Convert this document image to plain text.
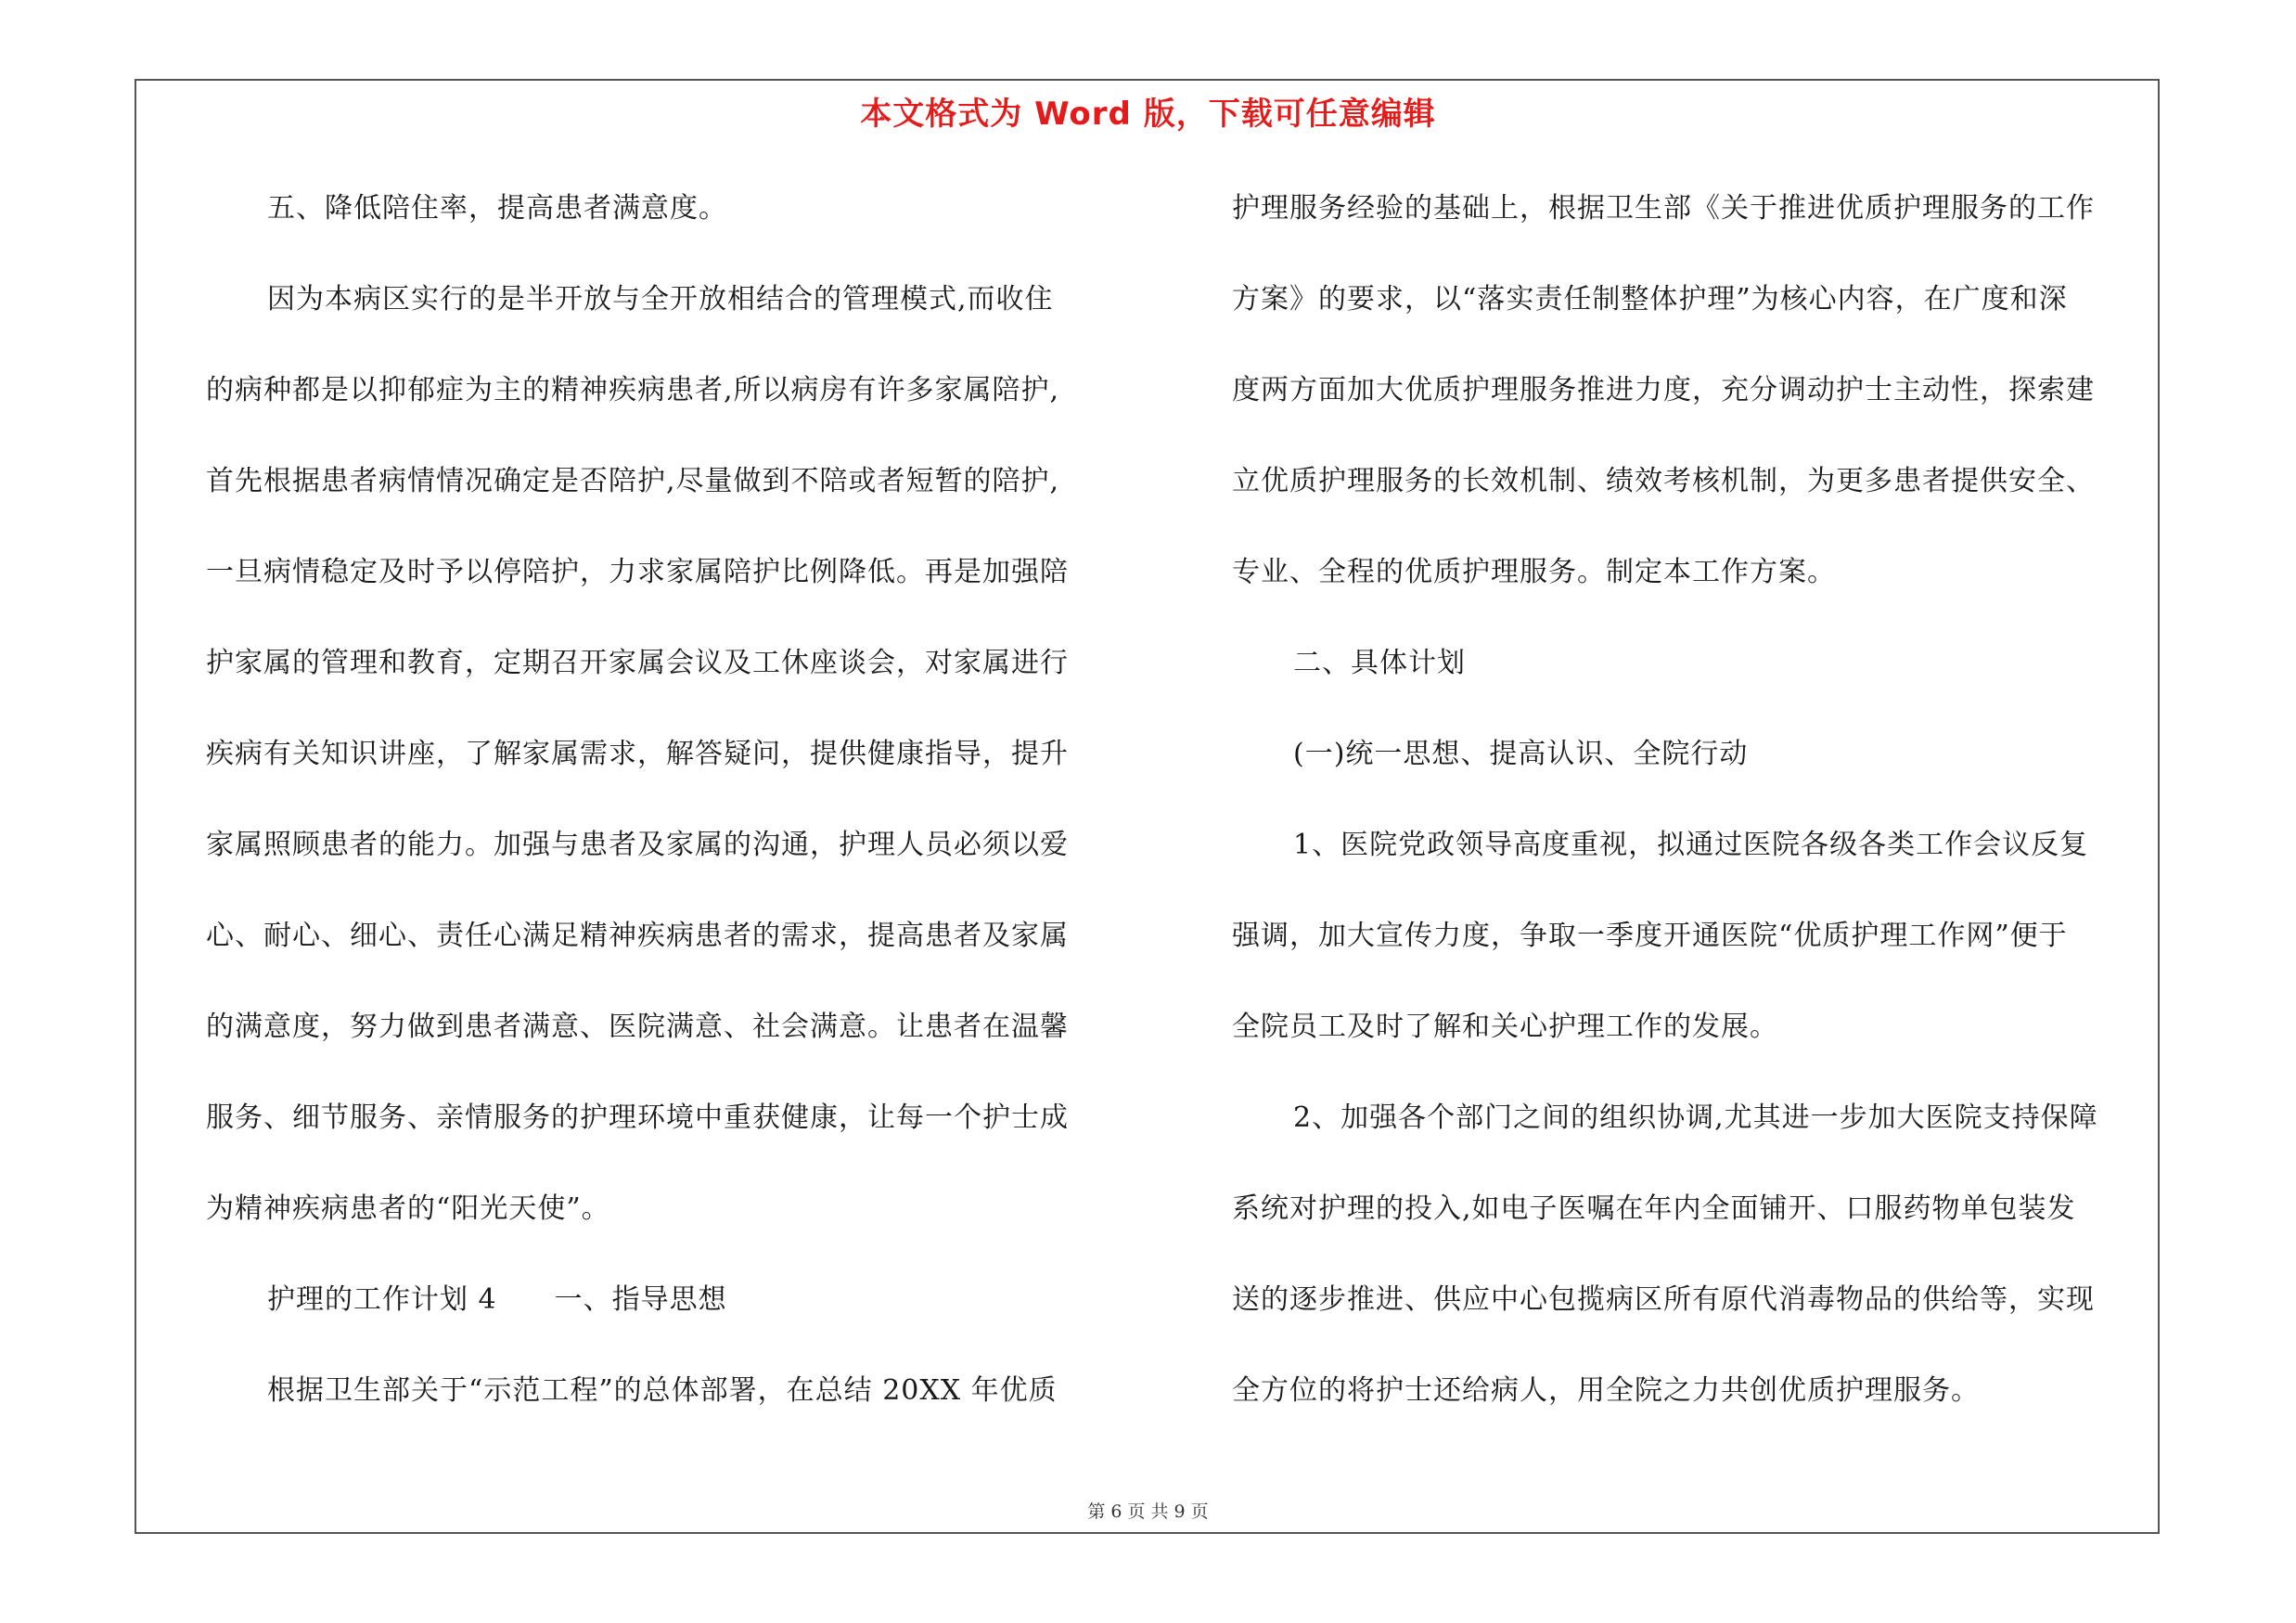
本文格式为 Word 版，下载可任意编辑
五、降低陪住率，提高患者满意度。
因为本病区实行的是半开放与全开放相结合的管理模式,而收住
的病种都是以抑郁症为主的精神疾病患者,所以病房有许多家属陪护,
首先根据患者病情情况确定是否陪护,尽量做到不陪或者短暂的陪护,
一旦病情稳定及时予以停陪护，力求家属陪护比例降低。再是加强陪
护家属的管理和教育，定期召开家属会议及工休座谈会，对家属进行
疾病有关知识讲座，了解家属需求，解答疑问，提供健康指导，提升
家属照顾患者的能力。加强与患者及家属的沟通，护理人员必须以爱
心、耐心、细心、责任心满足精神疾病患者的需求，提高患者及家属
的满意度，努力做到患者满意、医院满意、社会满意。让患者在温馨
服务、细节服务、亲情服务的护理环境中重获健康，让每一个护士成
为精神疾病患者的“阳光天使”。
护理的工作计划 4　　一、指导思想
根据卫生部关于“示范工程”的总体部署，在总结 20XX 年优质
护理服务经验的基础上，根据卫生部《关于推进优质护理服务的工作
方案》的要求，以“落实责任制整体护理”为核心内容，在广度和深
度两方面加大优质护理服务推进力度，充分调动护士主动性，探索建
立优质护理服务的长效机制、绩效考核机制，为更多患者提供安全、
专业、全程的优质护理服务。制定本工作方案。
二、具体计划
(一)统一思想、提高认识、全院行动
1、医院党政领导高度重视，拟通过医院各级各类工作会议反复
强调，加大宣传力度，争取一季度开通医院“优质护理工作网”便于
全院员工及时了解和关心护理工作的发展。
2、加强各个部门之间的组织协调,尤其进一步加大医院支持保障
系统对护理的投入,如电子医嘱在年内全面铺开、口服药物单包装发
送的逐步推进、供应中心包揽病区所有原代消毒物品的供给等，实现
全方位的将护士还给病人，用全院之力共创优质护理服务。
第 6 页 共 9 页
